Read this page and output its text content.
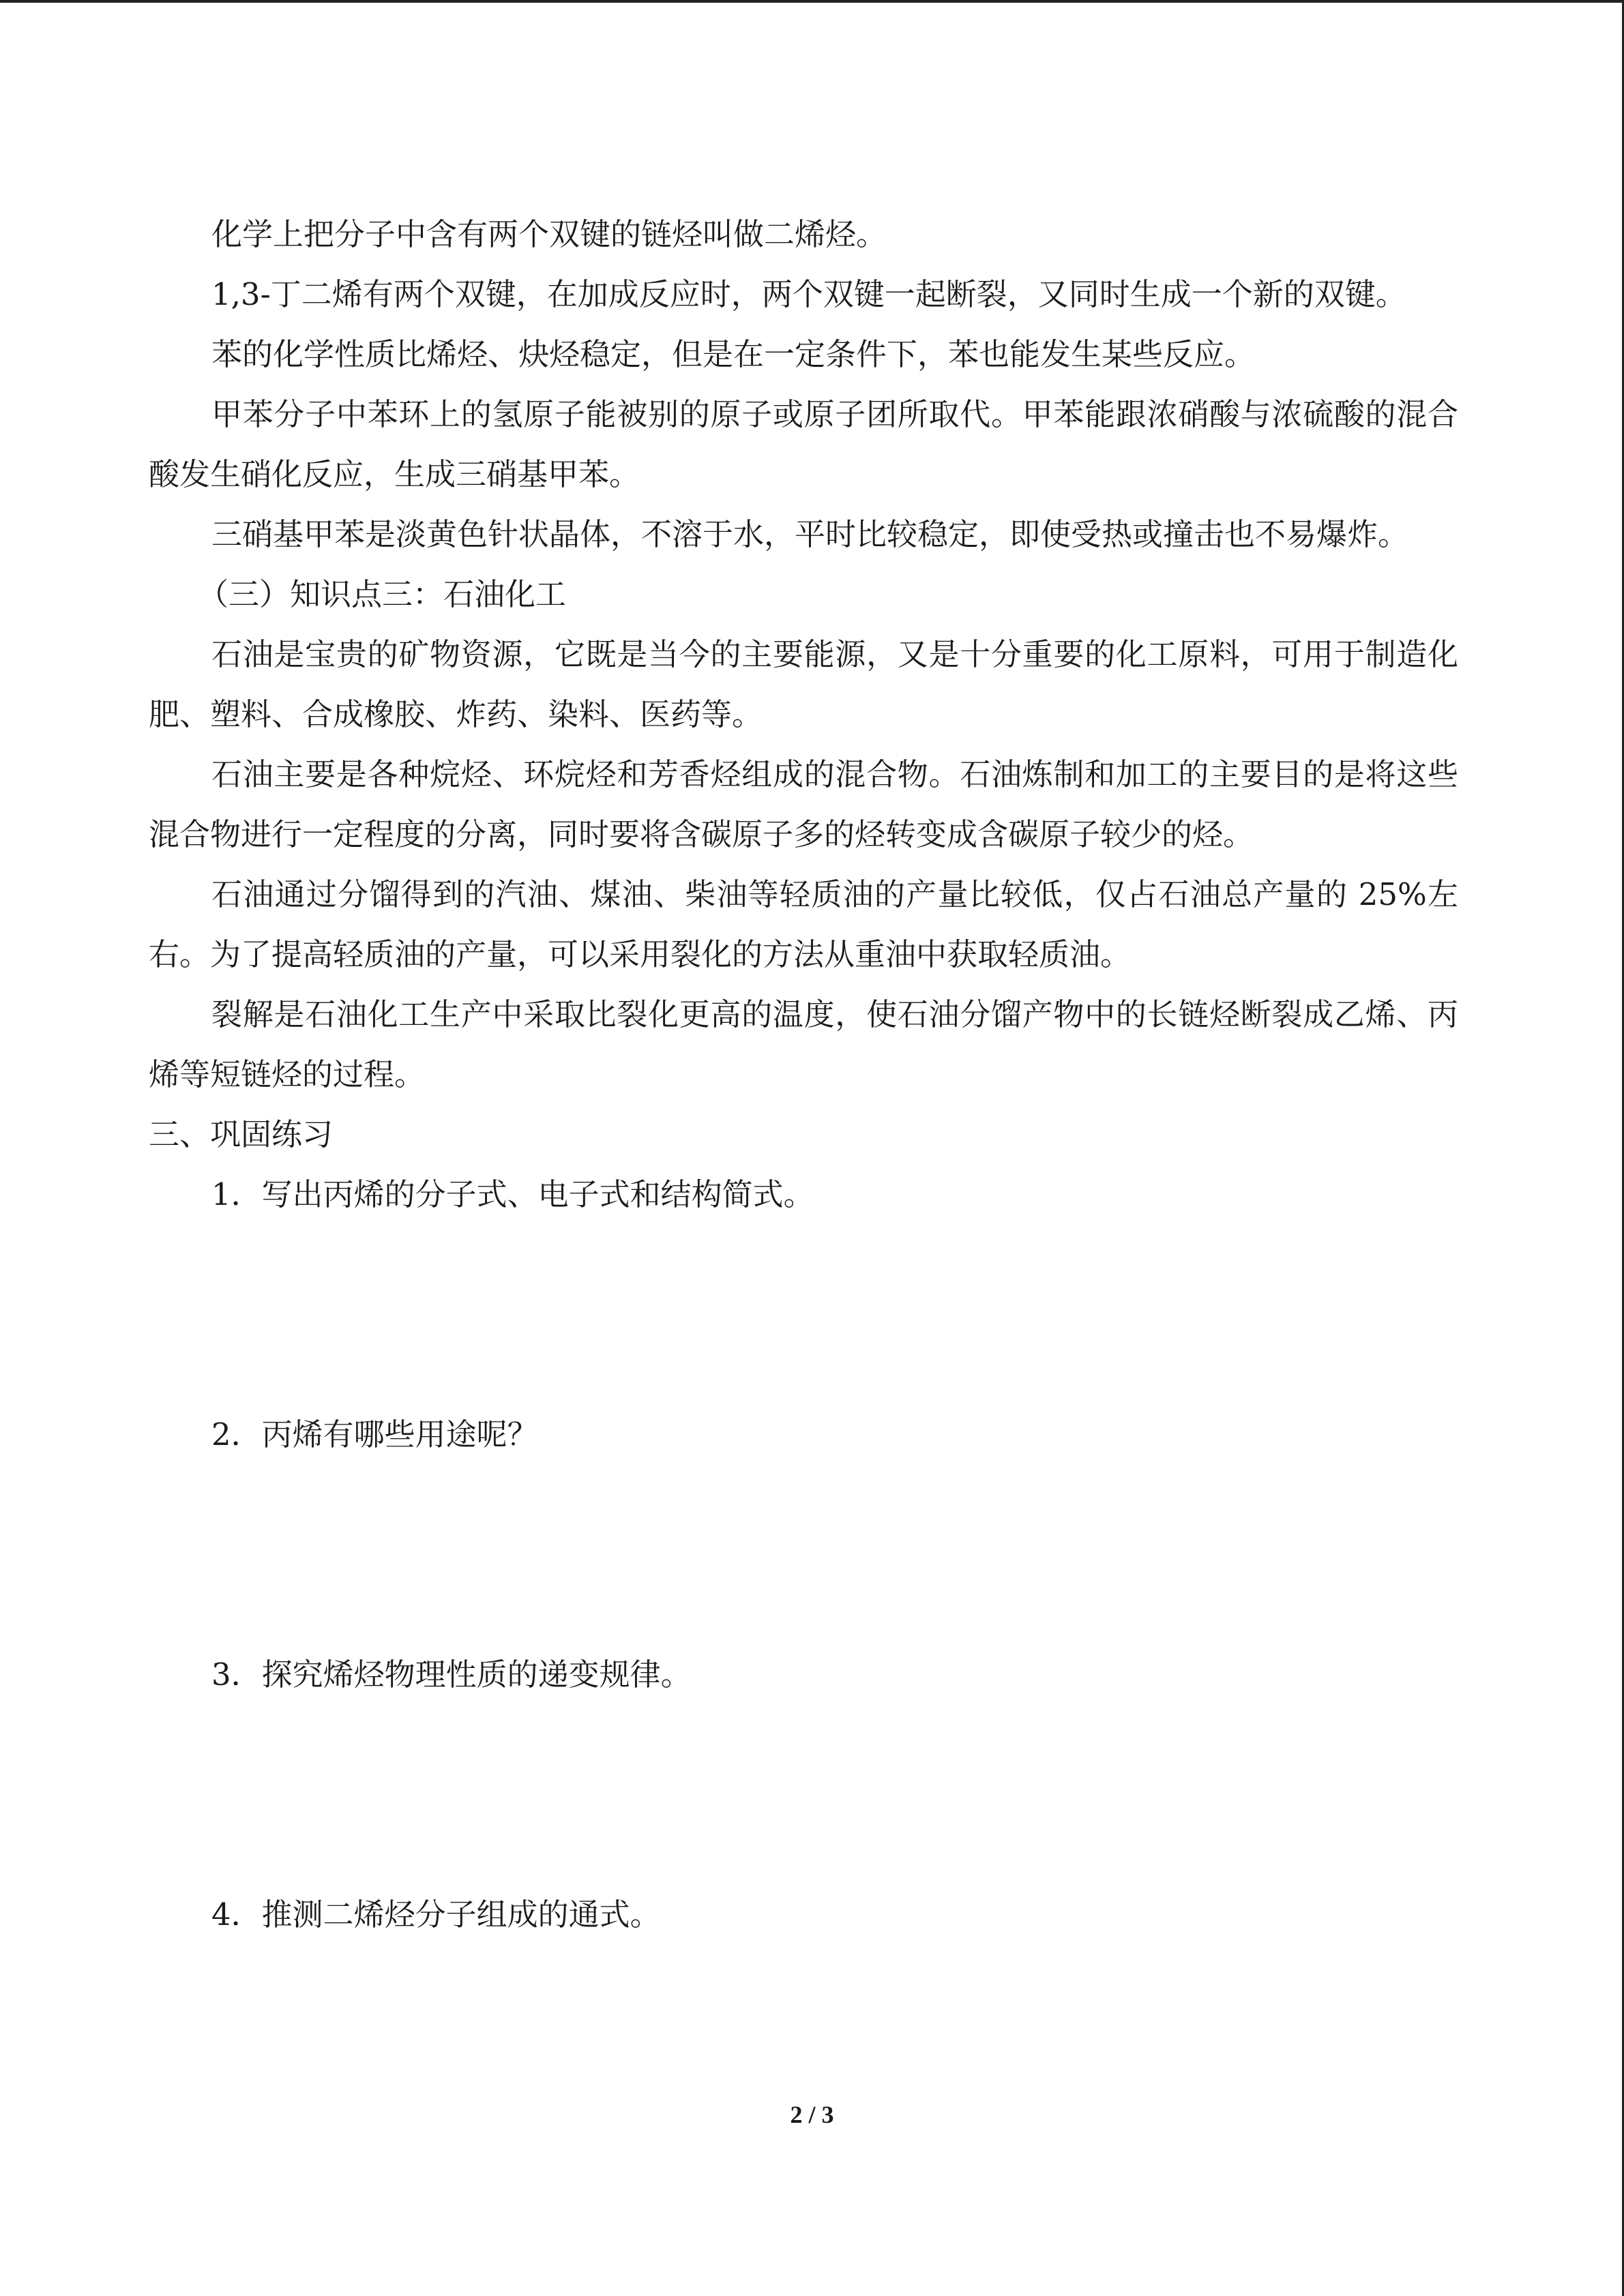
化学上把分子中含有两个双键的链烃叫做二烯烃。

1,3-丁二烯有两个双键，在加成反应时，两个双键一起断裂，又同时生成一个新的双键。

苯的化学性质比烯烃、炔烃稳定，但是在一定条件下，苯也能发生某些反应。

甲苯分子中苯环上的氢原子能被别的原子或原子团所取代。甲苯能跟浓硝酸与浓硫酸的混合酸发生硝化反应，生成三硝基甲苯。

三硝基甲苯是淡黄色针状晶体，不溶于水，平时比较稳定，即使受热或撞击也不易爆炸。

（三）知识点三：石油化工

石油是宝贵的矿物资源，它既是当今的主要能源，又是十分重要的化工原料，可用于制造化肥、塑料、合成橡胶、炸药、染料、医药等。

石油主要是各种烷烃、环烷烃和芳香烃组成的混合物。石油炼制和加工的主要目的是将这些混合物进行一定程度的分离，同时要将含碳原子多的烃转变成含碳原子较少的烃。

石油通过分馏得到的汽油、煤油、柴油等轻质油的产量比较低，仅占石油总产量的 25%左右。为了提高轻质油的产量，可以采用裂化的方法从重油中获取轻质油。

裂解是石油化工生产中采取比裂化更高的温度，使石油分馏产物中的长链烃断裂成乙烯、丙烯等短链烃的过程。

三、巩固练习

1．写出丙烯的分子式、电子式和结构简式。

2．丙烯有哪些用途呢？

3．探究烯烃物理性质的递变规律。

4．推测二烯烃分子组成的通式。

2 / 3
